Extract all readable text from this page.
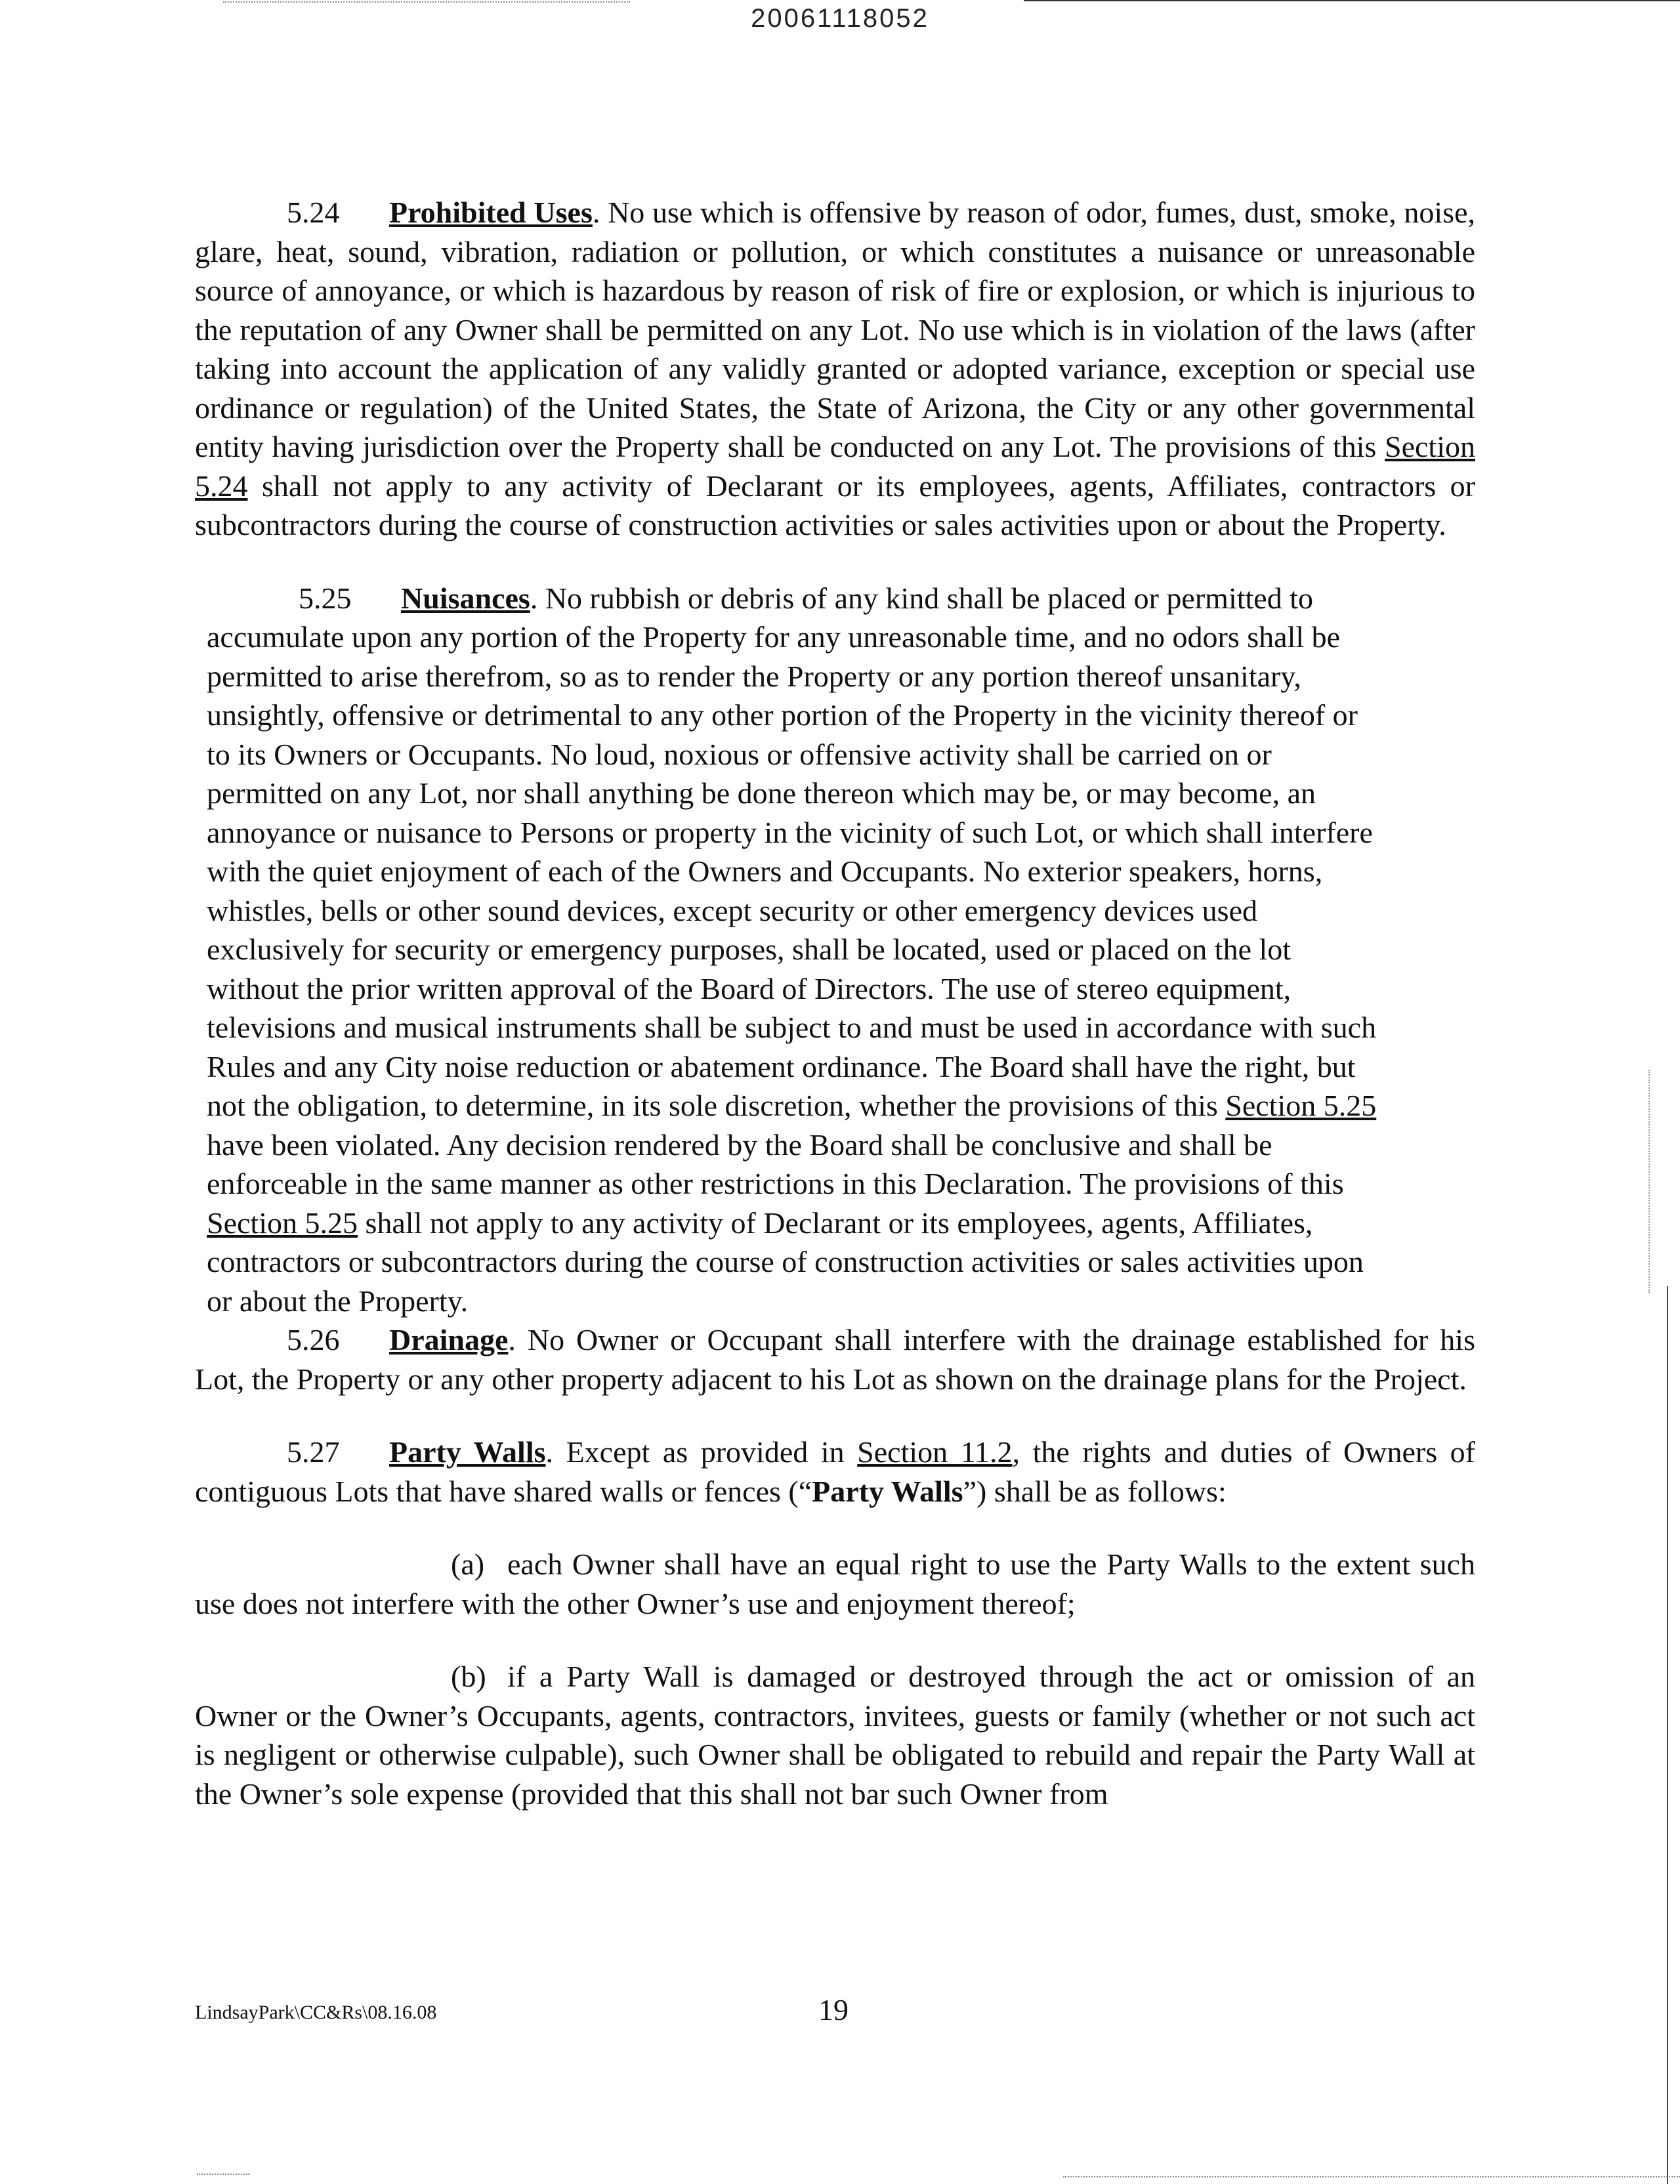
20061118052

5.24 Prohibited Uses. No use which is offensive by reason of odor, fumes, dust, smoke, noise, glare, heat, sound, vibration, radiation or pollution, or which constitutes a nuisance or unreasonable source of annoyance, or which is hazardous by reason of risk of fire or explosion, or which is injurious to the reputation of any Owner shall be permitted on any Lot. No use which is in violation of the laws (after taking into account the application of any validly granted or adopted variance, exception or special use ordinance or regulation) of the United States, the State of Arizona, the City or any other governmental entity having jurisdiction over the Property shall be conducted on any Lot. The provisions of this Section 5.24 shall not apply to any activity of Declarant or its employees, agents, Affiliates, contractors or subcontractors during the course of construction activities or sales activities upon or about the Property.

5.25 Nuisances. No rubbish or debris of any kind shall be placed or permitted to accumulate upon any portion of the Property for any unreasonable time, and no odors shall be permitted to arise therefrom, so as to render the Property or any portion thereof unsanitary, unsightly, offensive or detrimental to any other portion of the Property in the vicinity thereof or to its Owners or Occupants. No loud, noxious or offensive activity shall be carried on or permitted on any Lot, nor shall anything be done thereon which may be, or may become, an annoyance or nuisance to Persons or property in the vicinity of such Lot, or which shall interfere with the quiet enjoyment of each of the Owners and Occupants. No exterior speakers, horns, whistles, bells or other sound devices, except security or other emergency devices used exclusively for security or emergency purposes, shall be located, used or placed on the lot without the prior written approval of the Board of Directors. The use of stereo equipment, televisions and musical instruments shall be subject to and must be used in accordance with such Rules and any City noise reduction or abatement ordinance. The Board shall have the right, but not the obligation, to determine, in its sole discretion, whether the provisions of this Section 5.25 have been violated. Any decision rendered by the Board shall be conclusive and shall be enforceable in the same manner as other restrictions in this Declaration. The provisions of this Section 5.25 shall not apply to any activity of Declarant or its employees, agents, Affiliates, contractors or subcontractors during the course of construction activities or sales activities upon or about the Property.

5.26 Drainage. No Owner or Occupant shall interfere with the drainage established for his Lot, the Property or any other property adjacent to his Lot as shown on the drainage plans for the Project.

5.27 Party Walls. Except as provided in Section 11.2, the rights and duties of Owners of contiguous Lots that have shared walls or fences (“Party Walls”) shall be as follows:

(a) each Owner shall have an equal right to use the Party Walls to the extent such use does not interfere with the other Owner’s use and enjoyment thereof;

(b) if a Party Wall is damaged or destroyed through the act or omission of an Owner or the Owner’s Occupants, agents, contractors, invitees, guests or family (whether or not such act is negligent or otherwise culpable), such Owner shall be obligated to rebuild and repair the Party Wall at the Owner’s sole expense (provided that this shall not bar such Owner from

LindsayPark\CC&Rs\08.16.08	19
